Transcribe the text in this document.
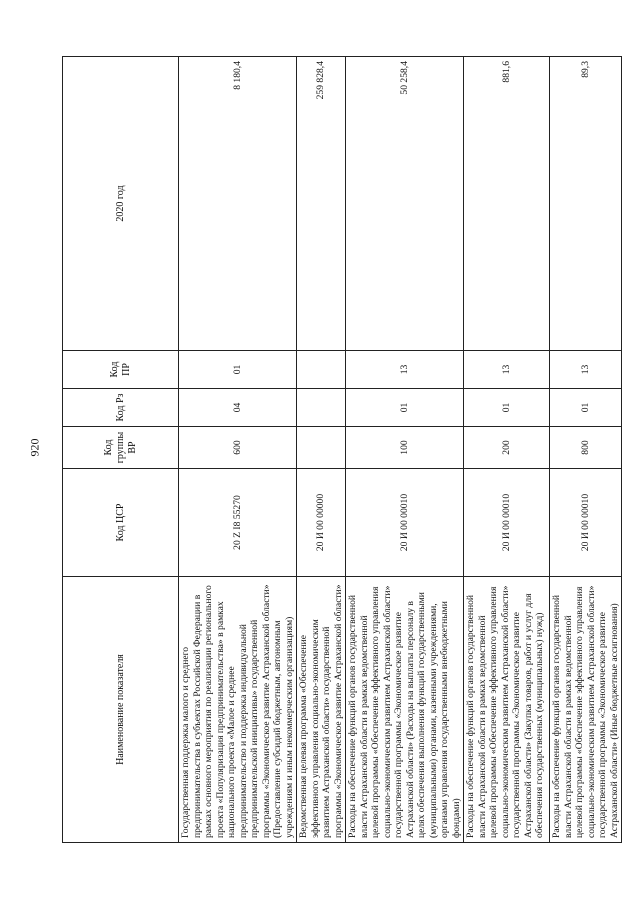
920
Наименование показателя	Код ЦСР	Код группы ВР	Код Рз	Код ПР	2020 год
Государственная поддержка малого и среднего предпринимательства в субъектах Российской Федерации в рамках основного мероприятия по реализации регионального проекта «Популяризация предпринимательства» в рамках национального проекта «Малое и среднее предпринимательство и поддержка индивидуальной предпринимательской инициативы» государственной программы «Экономическое развитие Астраханской области» (Предоставление субсидий бюджетным, автономным учреждениям и иным некоммерческим организациям)	20 Z I8 55270	600	04	01	8 180,4
Ведомственная целевая программа «Обеспечение эффективного управления социально-экономическим развитием Астраханской области» государственной программы «Экономическое развитие Астраханской области»	20 И 00 00000				259 828,4
Расходы на обеспечение функций органов государственной власти Астраханской области в рамках ведомственной целевой программы «Обеспечение эффективного управления социально-экономическим развитием Астраханской области» государственной программы «Экономическое развитие Астраханской области» (Расходы на выплаты персоналу в целях обеспечения выполнения функций государственными (муниципальными) органами, казенными учреждениями, органами управления государственными внебюджетными фондами)	20 И 00 00010	100	01	13	50 258,4
Расходы на обеспечение функций органов государственной власти Астраханской области в рамках ведомственной целевой программы «Обеспечение эффективного управления социально-экономическим развитием Астраханской области» государственной программы «Экономическое развитие Астраханской области» (Закупка товаров, работ и услуг для обеспечения государственных (муниципальных) нужд)	20 И 00 00010	200	01	13	881,6
Расходы на обеспечение функций органов государственной власти Астраханской области в рамках ведомственной целевой программы «Обеспечение эффективного управления социально-экономическим развитием Астраханской области» государственной программы «Экономическое развитие Астраханской области» (Иные бюджетные ассигнования)	20 И 00 00010	800	01	13	89,3
